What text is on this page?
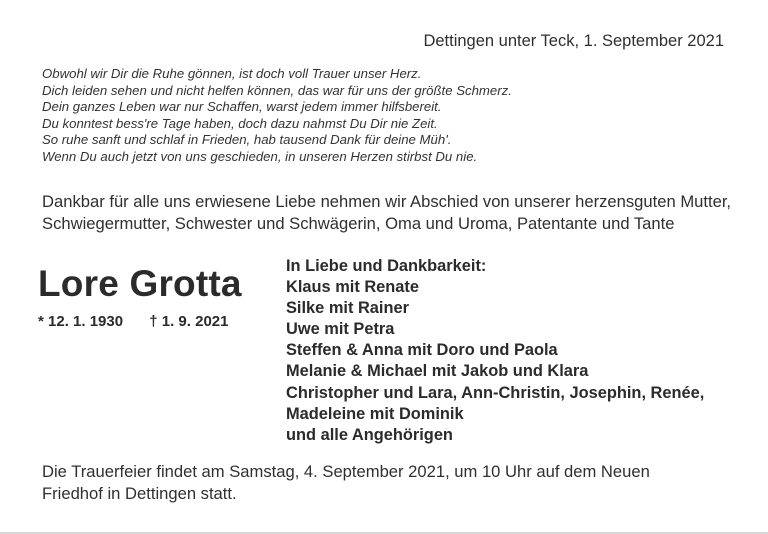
Dettingen unter Teck, 1. September 2021
Obwohl wir Dir die Ruhe gönnen, ist doch voll Trauer unser Herz.
Dich leiden sehen und nicht helfen können, das war für uns der größte Schmerz.
Dein ganzes Leben war nur Schaffen, warst jedem immer hilfsbereit.
Du konntest bess're Tage haben, doch dazu nahmst Du Dir nie Zeit.
So ruhe sanft und schlaf in Frieden, hab tausend Dank für deine Müh'.
Wenn Du auch jetzt von uns geschieden, in unseren Herzen stirbst Du nie.
Dankbar für alle uns erwiesene Liebe nehmen wir Abschied von unserer herzensguten Mutter,
Schwiegermutter, Schwester und Schwägerin, Oma und Uroma, Patentante und Tante
Lore Grotta
* 12. 1. 1930 † 1. 9. 2021
In Liebe und Dankbarkeit:
Klaus mit Renate
Silke mit Rainer
Uwe mit Petra
Steffen & Anna mit Doro und Paola
Melanie & Michael mit Jakob und Klara
Christopher und Lara, Ann-Christin, Josephin, Renée,
Madeleine mit Dominik
und alle Angehörigen
Die Trauerfeier findet am Samstag, 4. September 2021, um 10 Uhr auf dem Neuen
Friedhof in Dettingen statt.
